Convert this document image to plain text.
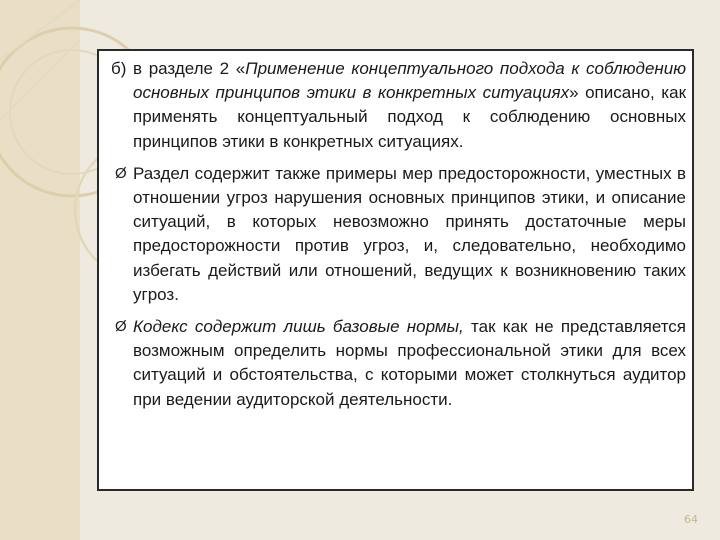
б) в разделе 2 «Применение концептуального подхода к соблюдению основных принципов этики в конкретных ситуациях» описано, как применять концептуальный подход к соблюдению основных принципов этики в конкретных ситуациях.

Ø Раздел содержит также примеры мер предосторожности, уместных в отношении угроз нарушения основных принципов этики, и описание ситуаций, в которых невозможно принять достаточные меры предосторожности против угроз, и, следовательно, необходимо избегать действий или отношений, ведущих к возникновению таких угроз.

Ø Кодекс содержит лишь базовые нормы, так как не представляется возможным определить нормы профессиональной этики для всех ситуаций и обстоятельства, с которыми может столкнуться аудитор при ведении аудиторской деятельности.

64
